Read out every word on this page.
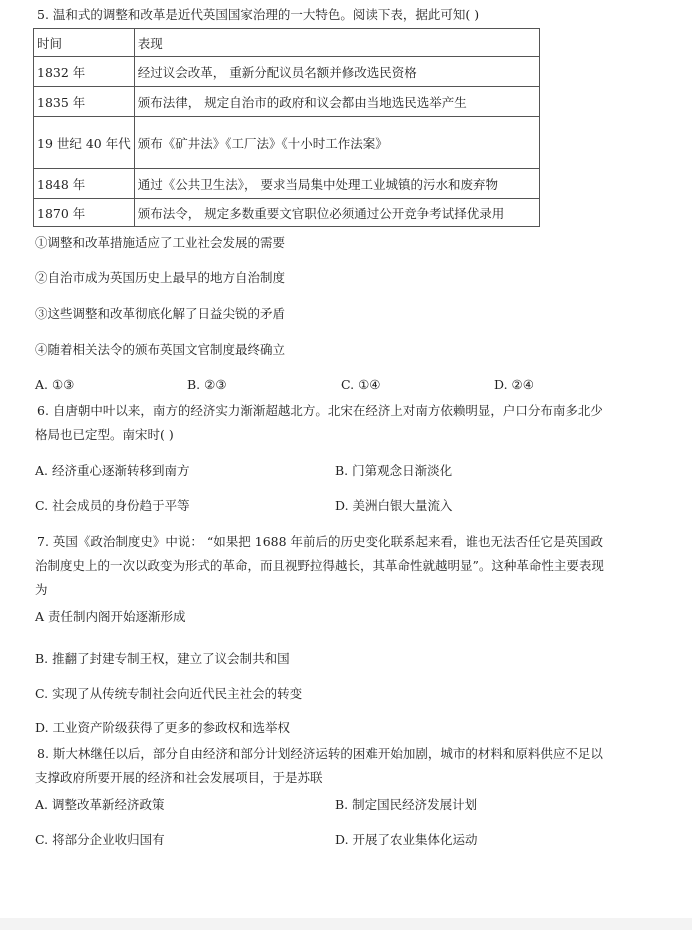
5. 温和式的调整和改革是近代英国国家治理的一大特色。阅读下表，据此可知( )
时间	表现
1832 年	经过议会改革， 重新分配议员名额并修改选民资格
1835 年	颁布法律， 规定自治市的政府和议会都由当地选民选举产生
19 世纪 40 年代	颁布《矿井法》《工厂法》《十小时工作法案》
1848 年	通过《公共卫生法》， 要求当局集中处理工业城镇的污水和废弃物
1870 年	颁布法令， 规定多数重要文官职位必须通过公开竞争考试择优录用
①调整和改革措施适应了工业社会发展的需要
②自治市成为英国历史上最早的地方自治制度
③这些调整和改革彻底化解了日益尖锐的矛盾
④随着相关法令的颁布英国文官制度最终确立
A. ①③	B. ②③	C. ①④	D. ②④
6. 自唐朝中叶以来，南方的经济实力渐渐超越北方。北宋在经济上对南方依赖明显，户口分布南多北少
格局也已定型。南宋时( )
A. 经济重心逐渐转移到南方	B. 门第观念日渐淡化
C. 社会成员的身份趋于平等	D. 美洲白银大量流入
7. 英国《政治制度史》中说： “如果把 1688 年前后的历史变化联系起来看，谁也无法否任它是英国政
治制度史上的一次以政变为形式的革命，而且视野拉得越长，其革命性就越明显”。这种革命性主要表现
为
A 责任制内阁开始逐渐形成
B. 推翻了封建专制王权，建立了议会制共和国
C. 实现了从传统专制社会向近代民主社会的转变
D. 工业资产阶级获得了更多的参政权和选举权
8. 斯大林继任以后，部分自由经济和部分计划经济运转的困难开始加剧，城市的材料和原料供应不足以
支撑政府所要开展的经济和社会发展项目，于是苏联
A. 调整改革新经济政策	B. 制定国民经济发展计划
C. 将部分企业收归国有	D. 开展了农业集体化运动
